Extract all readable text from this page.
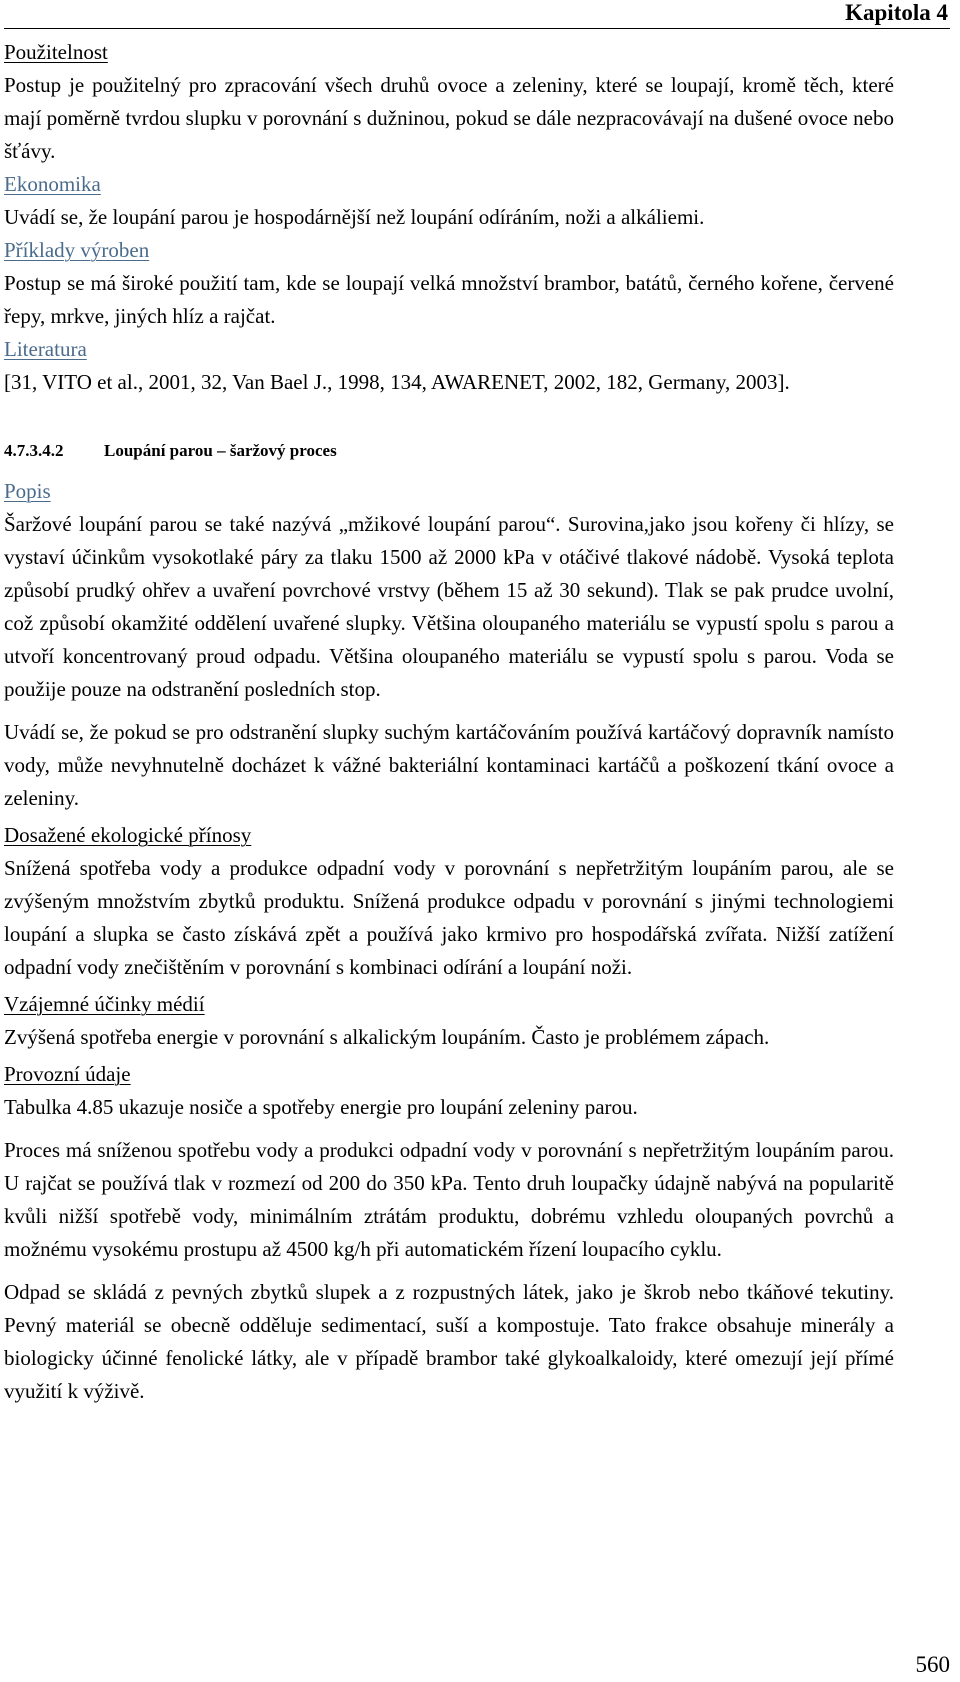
Kapitola 4
Použitelnost

Postup je použitelný pro zpracování všech druhů ovoce a zeleniny, které se loupají, kromě těch, které mají poměrně tvrdou slupku v porovnání s dužninou, pokud se dále nezpracovávají na dušené ovoce nebo šťávy.

Ekonomika

Uvádí se, že loupání parou je hospodárnější než loupání odíráním, noži a alkáliemi.

Příklady výroben

Postup se má široké použití tam, kde se loupají velká množství brambor, batátů, černého kořene, červené řepy, mrkve, jiných hlíz a rajčat.

Literatura

[31, VITO et al., 2001, 32, Van Bael J., 1998, 134, AWARENET, 2002, 182, Germany, 2003].

4.7.3.4.2 Loupání parou – šaržový proces

Popis

Šaržové loupání parou se také nazývá „mžikové loupání parou“. Surovina,jako jsou kořeny či hlízy, se vystaví účinkům vysokotlaké páry za tlaku 1500 až 2000 kPa v otáčivé tlakové nádobě. Vysoká teplota způsobí prudký ohřev a uvaření povrchové vrstvy (během 15 až 30 sekund). Tlak se pak prudce uvolní, což způsobí okamžité oddělení uvařené slupky. Většina oloupaného materiálu se vypustí spolu s parou a utvoří koncentrovaný proud odpadu. Většina oloupaného materiálu se vypustí spolu s parou. Voda se použije pouze na odstranění posledních stop.

Uvádí se, že pokud se pro odstranění slupky suchým kartáčováním používá kartáčový dopravník namísto vody, může nevyhnutelně docházet k vážné bakteriální kontaminaci kartáčů a poškození tkání ovoce a zeleniny.

Dosažené ekologické přínosy

Snížená spotřeba vody a produkce odpadní vody v porovnání s nepřetržitým loupáním parou, ale se zvýšeným množstvím zbytků produktu. Snížená produkce odpadu v porovnání s jinými technologiemi loupání a slupka se často získává zpět a používá jako krmivo pro hospodářská zvířata. Nižší zatížení odpadní vody znečištěním v porovnání s kombinaci odírání a loupání noži.

Vzájemné účinky médií

Zvýšená spotřeba energie v porovnání s alkalickým loupáním. Často je problémem zápach.

Provozní údaje

Tabulka 4.85 ukazuje nosiče a spotřeby energie pro loupání zeleniny parou.

Proces má sníženou spotřebu vody a produkci odpadní vody v porovnání s nepřetržitým loupáním parou. U rajčat se používá tlak v rozmezí od 200 do 350 kPa. Tento druh loupačky údajně nabývá na popularitě kvůli nižší spotřebě vody, minimálním ztrátám produktu, dobrému vzhledu oloupaných povrchů a možnému vysokému prostupu až 4500 kg/h při automatickém řízení loupacího cyklu.

Odpad se skládá z pevných zbytků slupek a z rozpustných látek, jako je škrob nebo tkáňové tekutiny. Pevný materiál se obecně odděluje sedimentací, suší a kompostuje. Tato frakce obsahuje minerály a biologicky účinné fenolické látky, ale v případě brambor také glykoalkaloidy, které omezují její přímé využití k výživě.

560
